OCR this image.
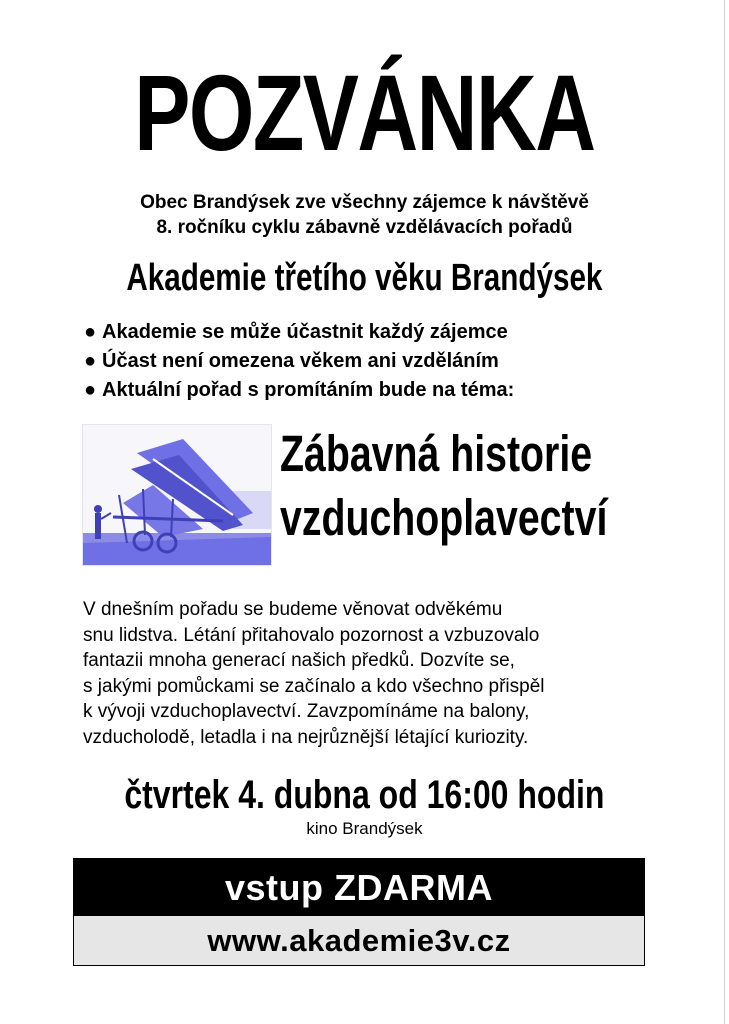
POZVÁNKA
Obec Brandýsek zve všechny zájemce k návštěvě
8. ročníku cyklu zábavně vzdělávacích pořadů
Akademie třetího věku Brandýsek
● Akademie se může účastnit každý zájemce
● Účast není omezena věkem ani vzděláním
● Aktuální pořad s promítáním bude na téma:
Zábavná historie
vzduchoplavectví
V dnešním pořadu se budeme věnovat odvěkému
snu lidstva. Létání přitahovalo pozornost a vzbuzovalo
fantazii mnoha generací našich předků. Dozvíte se,
s jakými pomůckami se začínalo a kdo všechno přispěl
k vývoji vzduchoplavectví. Zavzpomínáme na balony,
vzducholodě, letadla i na nejrůznější létající kuriozity.
čtvrtek 4. dubna od 16:00 hodin
kino Brandýsek
vstup ZDARMA
www.akademie3v.cz
